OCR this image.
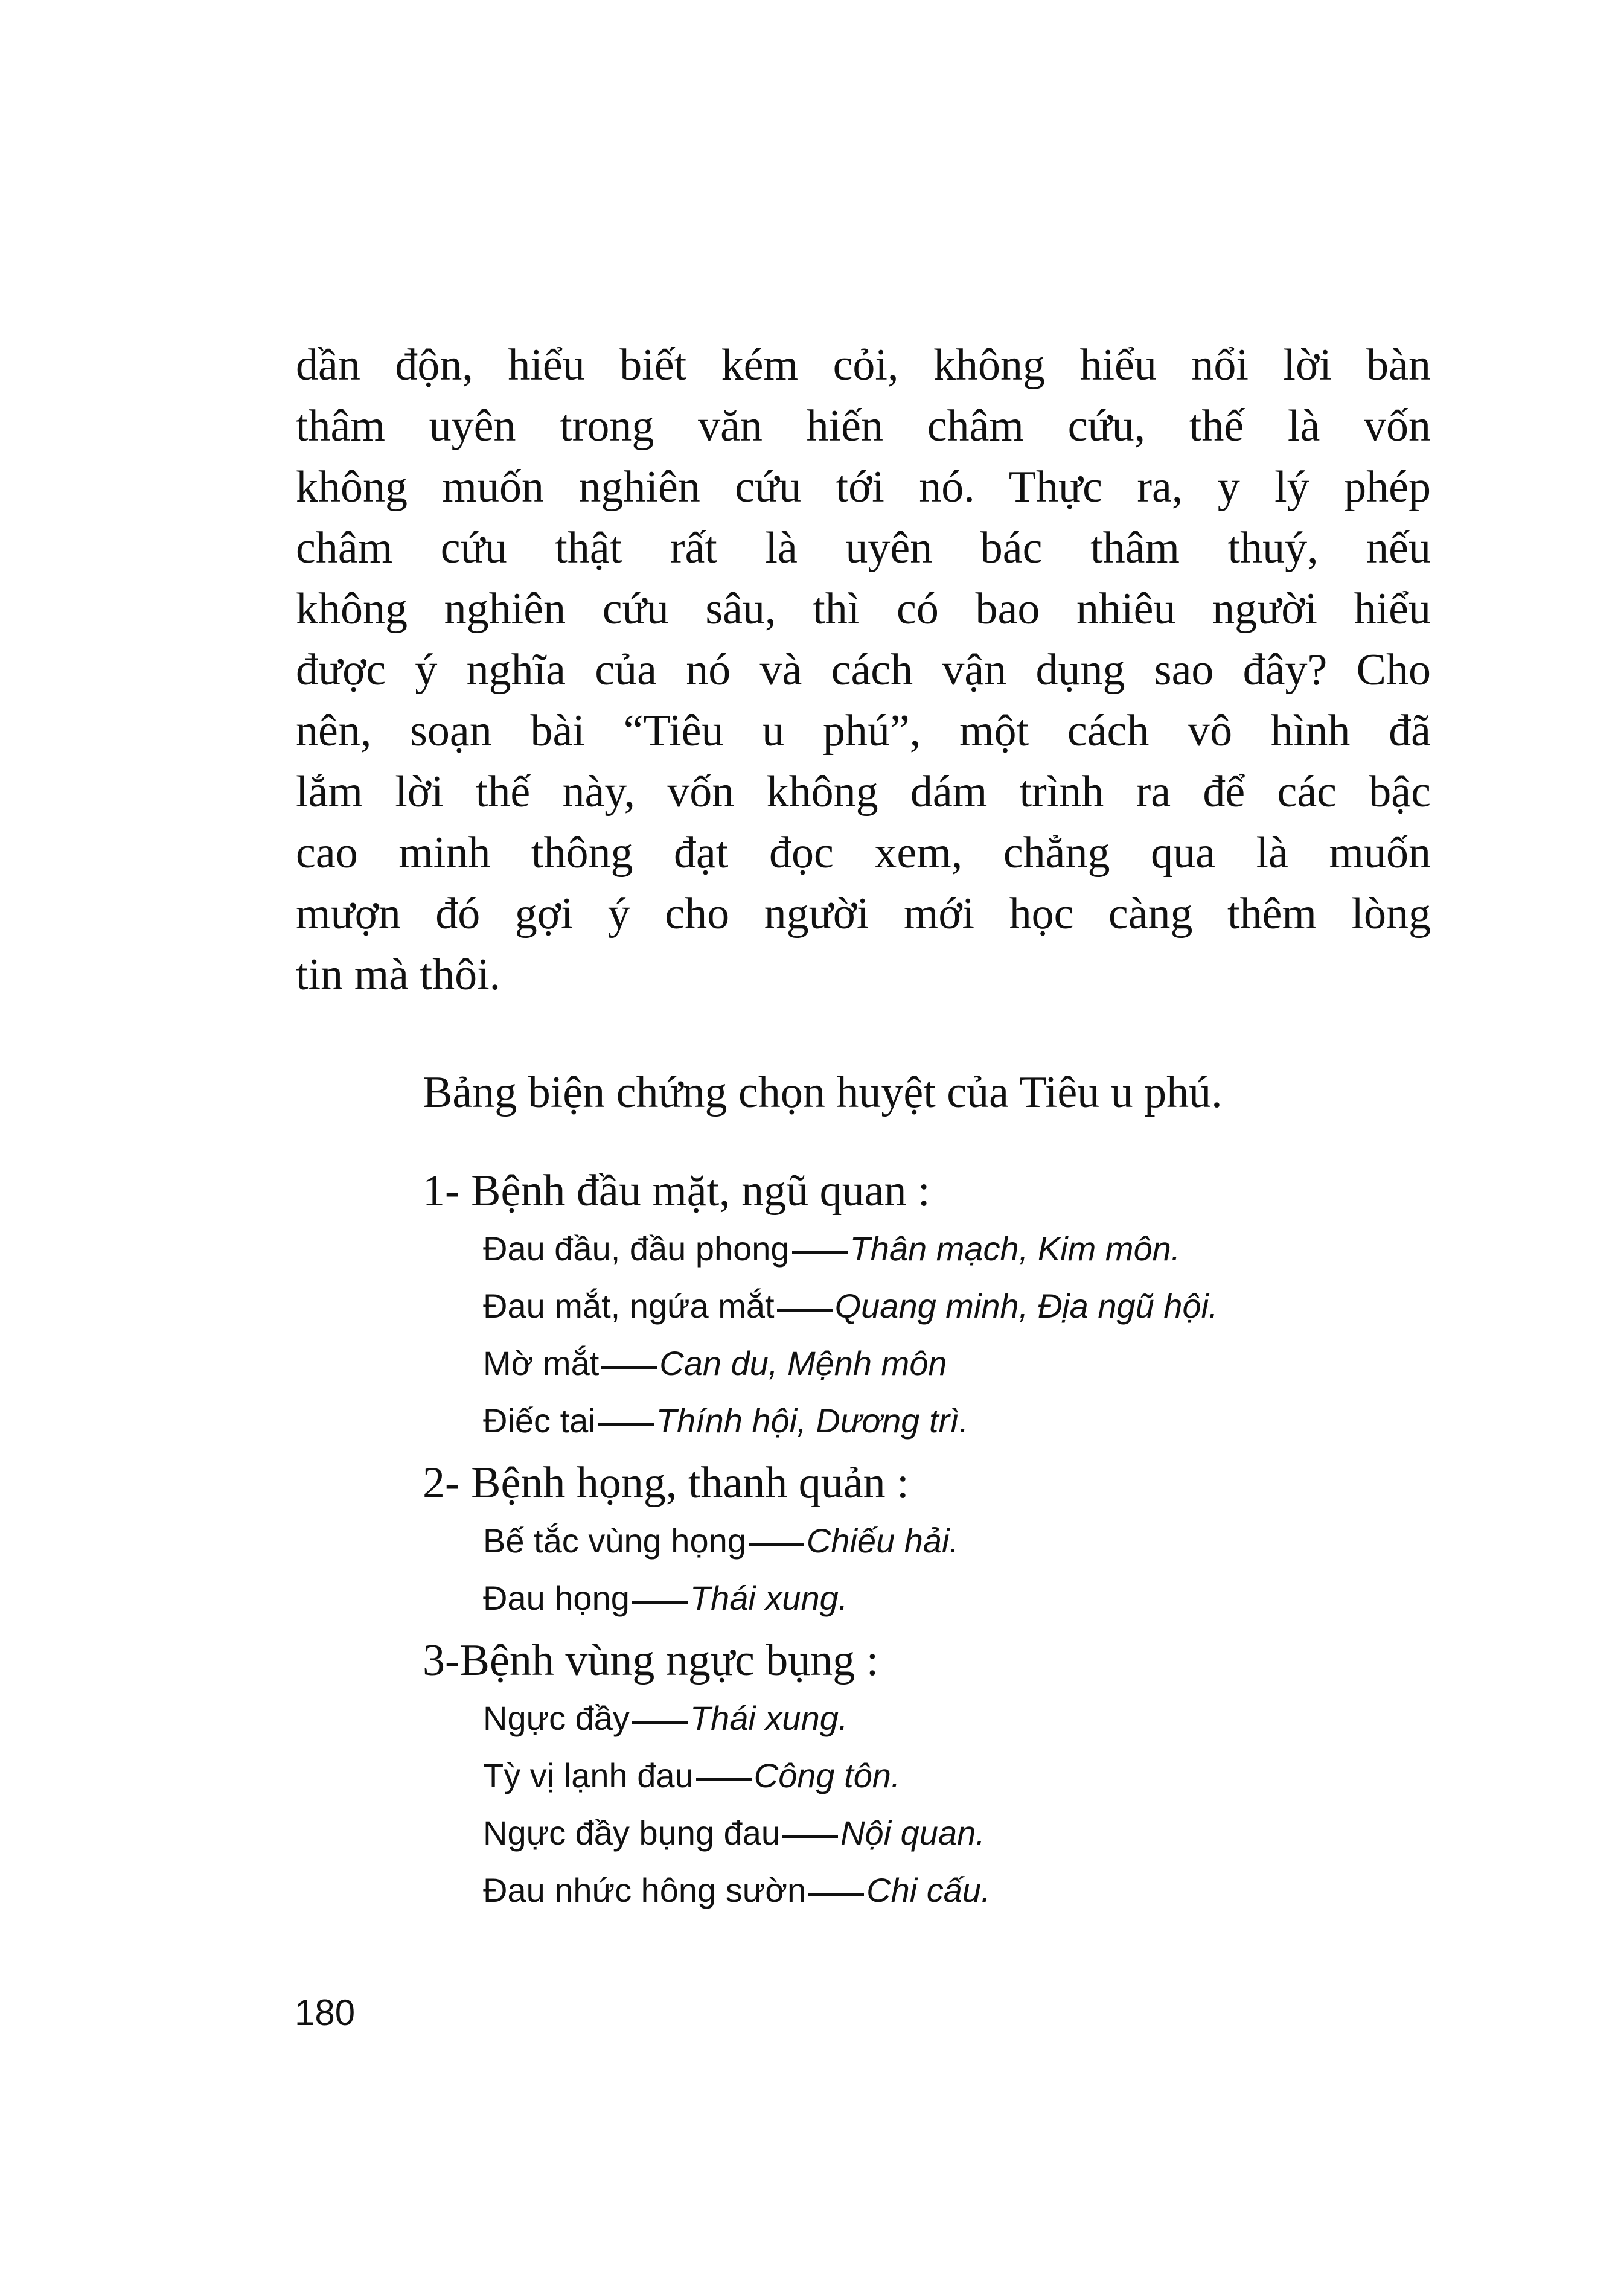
dần độn, hiểu biết kém cỏi, không hiểu nổi lời bàn
thâm uyên trong văn hiến châm cứu, thế là vốn
không muốn nghiên cứu tới nó. Thực ra, y lý phép
châm cứu thật rất là uyên bác thâm thuý, nếu
không nghiên cứu sâu, thì có bao nhiêu người hiểu
được ý nghĩa của nó và cách vận dụng sao đây? Cho
nên, soạn bài “Tiêu u phú”, một cách vô hình đã
lắm lời thế này, vốn không dám trình ra để các bậc
cao minh thông đạt đọc xem, chẳng qua là muốn
mượn đó gợi ý cho người mới học càng thêm lòng
tin mà thôi.

Bảng biện chứng chọn huyệt của Tiêu u phú.

1- Bệnh đầu mặt, ngũ quan :

Đau đầu, đầu phong Thân mạch, Kim môn.
Đau mắt, ngứa mắt Quang minh, Địa ngũ hội.
Mờ mắt Can du, Mệnh môn
Điếc tai Thính hội, Dương trì.

2- Bệnh họng, thanh quản :

Bế tắc vùng họng Chiếu hải.
Đau họng Thái xung.

3-Bệnh vùng ngực bụng :

Ngực đầy Thái xung.
Tỳ vị lạnh đau Công tôn.
Ngực đầy bụng đau Nội quan.
Đau nhức hông sườn Chi cấu.

180
